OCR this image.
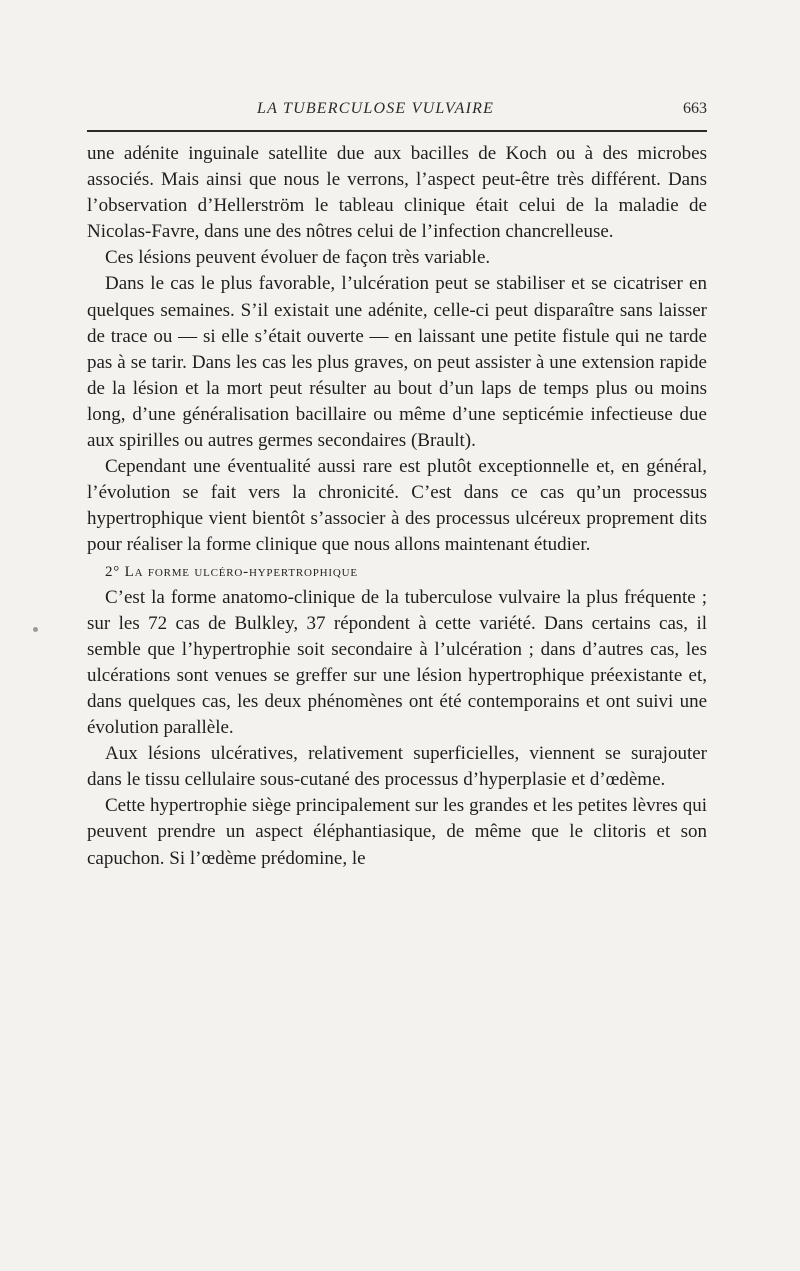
LA TUBERCULOSE VULVAIRE	663

une adénite inguinale satellite due aux bacilles de Koch ou à des microbes associés. Mais ainsi que nous le verrons, l’aspect peut-être très différent. Dans l’observation d’Hellerström le tableau clinique était celui de la maladie de Nicolas-Favre, dans une des nôtres celui de l’infection chancrelleuse.

Ces lésions peuvent évoluer de façon très variable.

Dans le cas le plus favorable, l’ulcération peut se stabiliser et se cicatriser en quelques semaines. S’il existait une adénite, celle-ci peut disparaître sans laisser de trace ou — si elle s’était ouverte — en laissant une petite fistule qui ne tarde pas à se tarir. Dans les cas les plus graves, on peut assister à une extension rapide de la lésion et la mort peut résulter au bout d’un laps de temps plus ou moins long, d’une généralisation bacillaire ou même d’une septicémie infectieuse due aux spirilles ou autres germes secondaires (Brault).

Cependant une éventualité aussi rare est plutôt exceptionnelle et, en général, l’évolution se fait vers la chronicité. C’est dans ce cas qu’un processus hypertrophique vient bientôt s’associer à des processus ulcéreux proprement dits pour réaliser la forme clinique que nous allons maintenant étudier.

2° La forme ulcéro-hypertrophique

C’est la forme anatomo-clinique de la tuberculose vulvaire la plus fréquente ; sur les 72 cas de Bulkley, 37 répondent à cette variété. Dans certains cas, il semble que l’hypertrophie soit secondaire à l’ulcération ; dans d’autres cas, les ulcérations sont venues se greffer sur une lésion hypertrophique préexistante et, dans quelques cas, les deux phénomènes ont été contemporains et ont suivi une évolution parallèle.

Aux lésions ulcératives, relativement superficielles, viennent se surajouter dans le tissu cellulaire sous-cutané des processus d’hyperplasie et d’œdème.

Cette hypertrophie siège principalement sur les grandes et les petites lèvres qui peuvent prendre un aspect éléphantiasique, de même que le clitoris et son capuchon. Si l’œdème prédomine, le
